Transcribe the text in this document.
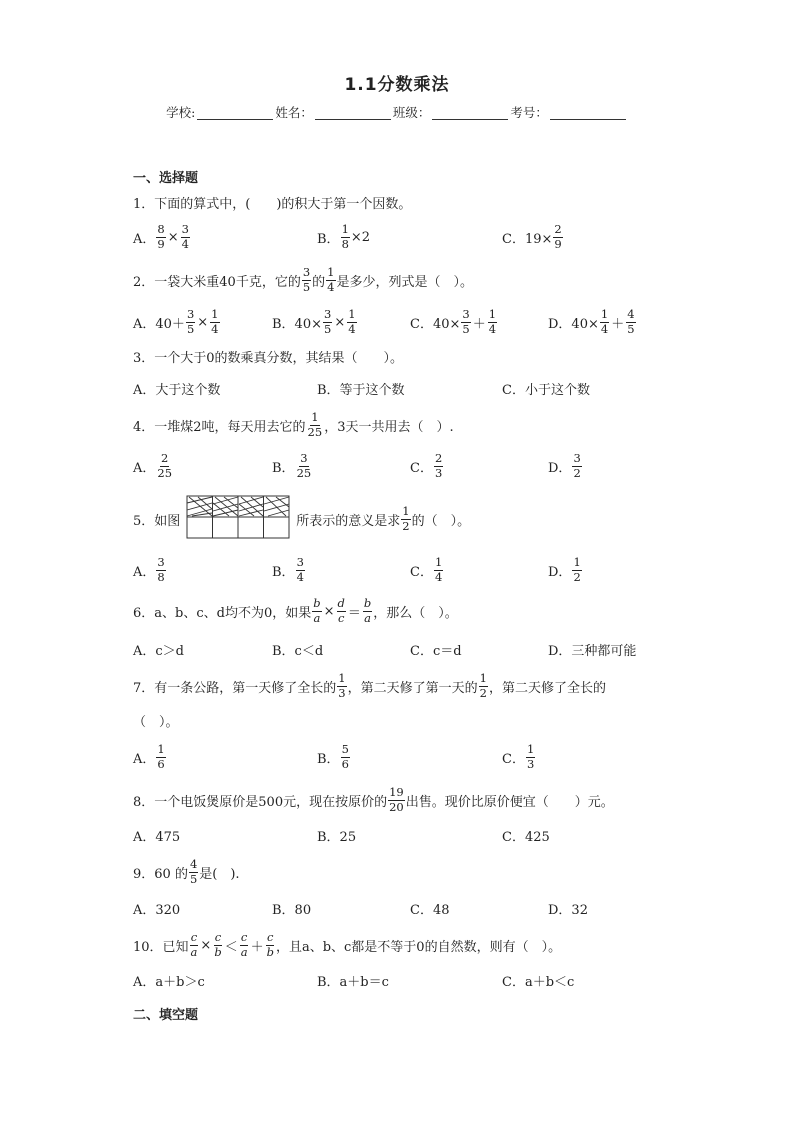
1.1分数乘法
学校:	姓名：	班级：	考号：
一、选择题
1．下面的算式中，(　　)的积大于第一个因数。
A． $\frac{8}{9} \times \frac{3}{4}$	B． $\frac{1}{8} \times 2$	C．$19\times \frac{2}{9}$
2．一袋大米重40千克，它的 $\frac{3}{5}$ 的 $\frac{1}{4}$ 是多少，列式是（　）。
A．$40+ \frac{3}{5} \times \frac{1}{4}$	B．$40\times \frac{3}{5} \times \frac{1}{4}$	C．$40\times \frac{3}{5} + \frac{1}{4}$	D．$40\times \frac{1}{4} + \frac{4}{5}$
3．一个大于0的数乘真分数，其结果（　　）。
A．大于这个数	B．等于这个数	C．小于这个数
4．一堆煤2吨，每天用去它的 $\frac{1}{25}$ ，3天一共用去（　）.
A． $\frac{2}{25}$	B． $\frac{3}{25}$	C． $\frac{2}{3}$	D． $\frac{3}{2}$
5．如图	所表示的意义是求 $\frac{1}{2}$ 的（　）。
A． $\frac{3}{8}$	B． $\frac{3}{4}$	C． $\frac{1}{4}$	D． $\frac{1}{2}$
6．a、b、c、d均不为0，如果 $\frac{b}{a} \times \frac{d}{c} = \frac{b}{a}$ ，那么（　）。
A．c＞d	B．c＜d	C．c＝d	D．三种都可能
7．有一条公路，第一天修了全长的 $\frac{1}{3}$ ，第二天修了第一天的 $\frac{1}{2}$ ，第二天修了全长的
（　）。
A． $\frac{1}{6}$	B． $\frac{5}{6}$	C． $\frac{1}{3}$
8．一个电饭煲原价是500元，现在按原价的 $\frac{19}{20}$ 出售。现价比原价便宜（　　）元。
A．475	B．25	C．425
9．60 的 $\frac{4}{5}$ 是(　).
A．320	B．80	C．48	D．32
10．已知 $\frac{c}{a} \times \frac{c}{b} < \frac{c}{a} + \frac{c}{b}$ ，且a、b、c都是不等于0的自然数，则有（　）。
A．a＋b＞c	B．a＋b＝c	C．a＋b＜c
二、填空题
